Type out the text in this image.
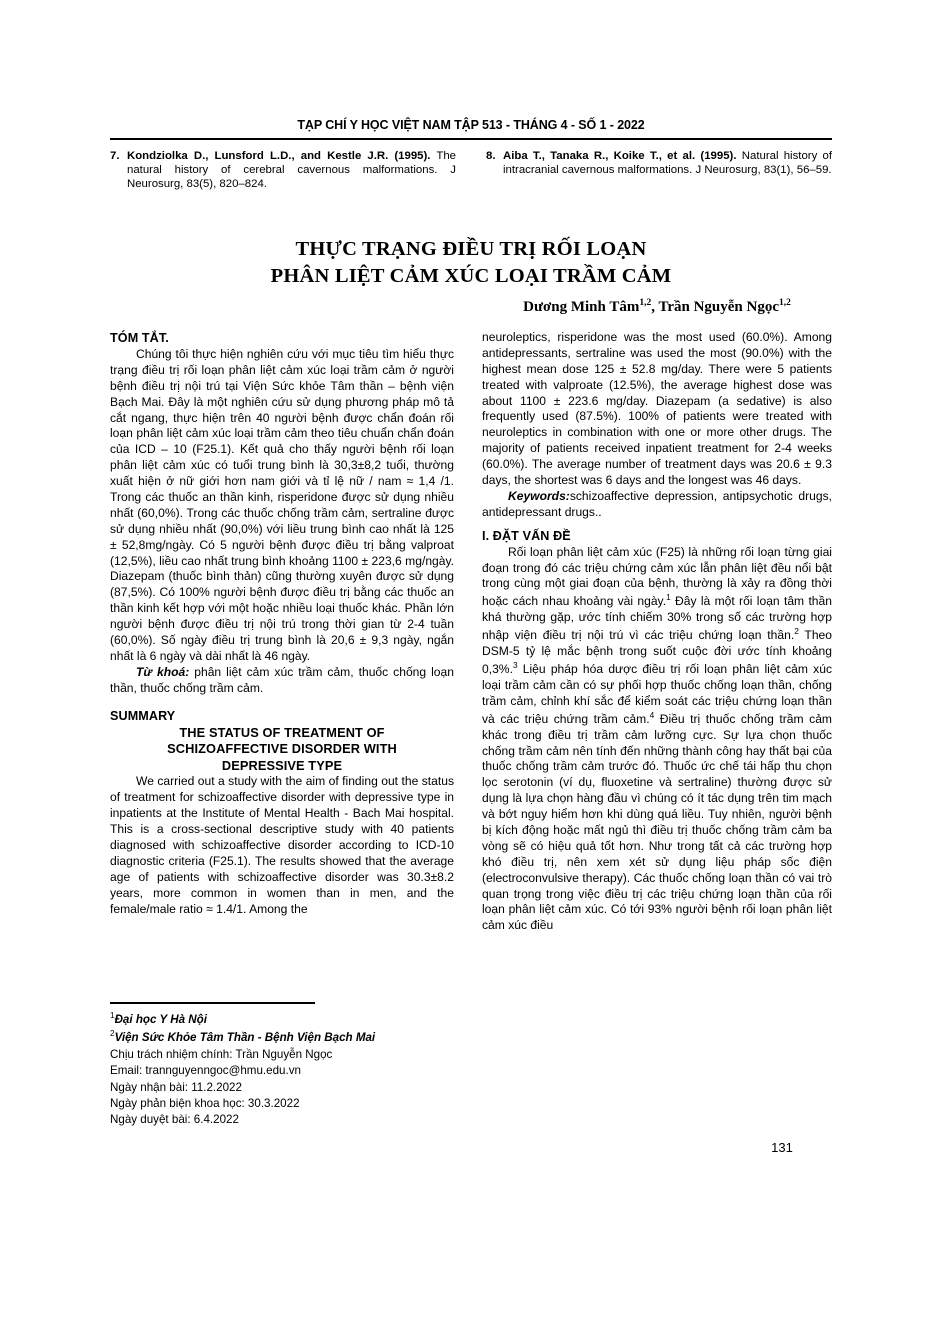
TẠP CHÍ Y HỌC VIỆT NAM TẬP 513 - THÁNG 4 - SỐ 1 - 2022
7. Kondziolka D., Lunsford L.D., and Kestle J.R. (1995). The natural history of cerebral cavernous malformations. J Neurosurg, 83(5), 820–824.
8. Aiba T., Tanaka R., Koike T., et al. (1995). Natural history of intracranial cavernous malformations. J Neurosurg, 83(1), 56–59.
THỰC TRẠNG ĐIỀU TRỊ RỐI LOẠN
PHÂN LIỆT CẢM XÚC LOẠI TRẦM CẢM
Dương Minh Tâm$^{1,2}$, Trần Nguyễn Ngọc$^{1,2}$
TÓM TẮT.

Chúng tôi thực hiện nghiên cứu với mục tiêu tìm hiểu thực trạng điều trị rối loạn phân liệt cảm xúc loại trầm cảm ở người bệnh điều trị nội trú tại Viện Sức khỏe Tâm thần – bệnh viện Bạch Mai. Đây là một nghiên cứu sử dụng phương pháp mô tả cắt ngang, thực hiện trên 40 người bệnh được chẩn đoán rối loạn phân liệt cảm xúc loại trầm cảm theo tiêu chuẩn chẩn đoán của ICD – 10 (F25.1). Kết quả cho thấy người bệnh rối loạn phân liệt cảm xúc có tuổi trung bình là 30,3±8,2 tuổi, thường xuất hiện ở nữ giới hơn nam giới và tỉ lệ nữ / nam ≈ 1,4 /1. Trong các thuốc an thần kinh, risperidone được sử dụng nhiều nhất (60,0%). Trong các thuốc chống trầm cảm, sertraline được sử dụng nhiều nhất (90,0%) với liều trung bình cao nhất là 125 ± 52,8mg/ngày. Có 5 người bệnh được điều trị bằng valproat (12,5%), liều cao nhất trung bình khoảng 1100 ± 223,6 mg/ngày. Diazepam (thuốc bình thản) cũng thường xuyên được sử dụng (87,5%). Có 100% người bệnh được điều trị bằng các thuốc an thần kinh kết hợp với một hoặc nhiều loại thuốc khác. Phần lớn người bệnh được điều trị nội trú trong thời gian từ 2-4 tuần (60,0%). Số ngày điều trị trung bình là 20,6 ± 9,3 ngày, ngắn nhất là 6 ngày và dài nhất là 46 ngày.

Từ khoá: phân liệt cảm xúc trầm cảm, thuốc chống loạn thần, thuốc chống trầm cảm.

SUMMARY
THE STATUS OF TREATMENT OF
SCHIZOAFFECTIVE DISORDER WITH
DEPRESSIVE TYPE

We carried out a study with the aim of finding out the status of treatment for schizoaffective disorder with depressive type in inpatients at the Institute of Mental Health - Bach Mai hospital. This is a cross-sectional descriptive study with 40 patients diagnosed with schizoaffective disorder according to ICD-10 diagnostic criteria (F25.1). The results showed that the average age of patients with schizoaffective disorder was 30.3±8.2 years, more common in women than in men, and the female/male ratio ≈ 1.4/1. Among the

$^1$Đại học Y Hà Nội
$^2$Viện Sức Khỏe Tâm Thần - Bệnh Viện Bạch Mai
Chịu trách nhiệm chính: Trần Nguyễn Ngọc
Email: trannguyenngoc@hmu.edu.vn
Ngày nhận bài: 11.2.2022
Ngày phản biện khoa học: 30.3.2022
Ngày duyệt bài: 6.4.2022

neuroleptics, risperidone was the most used (60.0%). Among antidepressants, sertraline was used the most (90.0%) with the highest mean dose 125 ± 52.8 mg/day. There were 5 patients treated with valproate (12.5%), the average highest dose was about 1100 ± 223.6 mg/day. Diazepam (a sedative) is also frequently used (87.5%). 100% of patients were treated with neuroleptics in combination with one or more other drugs. The majority of patients received inpatient treatment for 2-4 weeks (60.0%). The average number of treatment days was 20.6 ± 9.3 days, the shortest was 6 days and the longest was 46 days.

Keywords:schizoaffective depression, antipsychotic drugs, antidepressant drugs..

I. ĐẶT VẤN ĐỀ

Rối loạn phân liệt cảm xúc (F25) là những rối loạn từng giai đoạn trong đó các triệu chứng cảm xúc lẫn phân liệt đều nổi bật trong cùng một giai đoạn của bệnh, thường là xảy ra đồng thời hoặc cách nhau khoảng vài ngày.$^1$ Đây là một rối loạn tâm thần khá thường gặp, ước tính chiếm 30% trong số các trường hợp nhập viện điều trị nội trú vì các triệu chứng loạn thần.$^2$ Theo DSM-5 tỷ lệ mắc bệnh trong suốt cuộc đời ước tính khoảng 0,3%.$^3$ Liệu pháp hóa dược điều trị rối loạn phân liệt cảm xúc loại trầm cảm cần có sự phối hợp thuốc chống loạn thần, chống trầm cảm, chỉnh khí sắc để kiểm soát các triệu chứng loạn thần và các triệu chứng trầm cảm.$^4$ Điều trị thuốc chống trầm cảm khác trong điều trị trầm cảm lưỡng cực. Sự lựa chọn thuốc chống trầm cảm nên tính đến những thành công hay thất bại của thuốc chống trầm cảm trước đó. Thuốc ức chế tái hấp thu chọn lọc serotonin (ví dụ, fluoxetine và sertraline) thường được sử dụng là lựa chọn hàng đầu vì chúng có ít tác dụng trên tim mạch và bớt nguy hiểm hơn khi dùng quá liều. Tuy nhiên, người bệnh bị kích động hoặc mất ngủ thì điều trị thuốc chống trầm cảm ba vòng sẽ có hiệu quả tốt hơn. Như trong tất cả các trường hợp khó điều trị, nên xem xét sử dụng liệu pháp sốc điện (electroconvulsive therapy). Các thuốc chống loạn thần có vai trò quan trọng trong việc điều trị các triệu chứng loạn thần của rối loạn phân liệt cảm xúc. Có tới 93% người bệnh rối loạn phân liệt cảm xúc điều

131
